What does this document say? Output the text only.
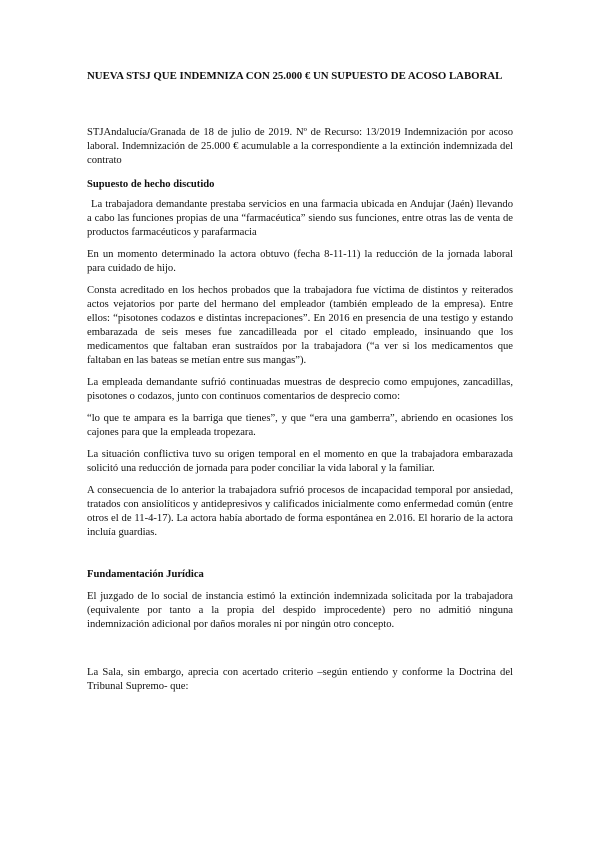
NUEVA STSJ QUE INDEMNIZA CON 25.000 € UN SUPUESTO DE ACOSO LABORAL

STJAndalucía/Granada de 18 de julio de 2019. Nº de Recurso: 13/2019 Indemnización por acoso laboral. Indemnización de 25.000 € acumulable a la correspondiente a la extinción indemnizada del contrato

Supuesto de hecho discutido

La trabajadora demandante prestaba servicios en una farmacia ubicada en Andujar (Jaén) llevando a cabo las funciones propias de una “farmacéutica” siendo sus funciones, entre otras las de venta de productos farmacéuticos y parafarmacia

En un momento determinado la actora obtuvo (fecha 8-11-11) la reducción de la jornada laboral para cuidado de hijo.

Consta acreditado en los hechos probados que la trabajadora fue víctima de distintos y reiterados actos vejatorios por parte del hermano del empleador (también empleado de la empresa). Entre ellos: “pisotones codazos e distintas increpaciones”. En 2016 en presencia de una testigo y estando embarazada de seis meses fue zancadilleada por el citado empleado, insinuando que los medicamentos que faltaban eran sustraídos por la trabajadora (“a ver si los medicamentos que faltaban en las bateas se metían entre sus mangas”).

La empleada demandante sufrió continuadas muestras de desprecio como empujones, zancadillas, pisotones o codazos, junto con continuos comentarios de desprecio como:

“lo que te ampara es la barriga que tienes”, y que “era una gamberra”, abriendo en ocasiones los cajones para que la empleada tropezara.

La situación conflictiva tuvo su origen temporal en el momento en que la trabajadora embarazada solicitó una reducción de jornada para poder conciliar la vida laboral y la familiar.

A consecuencia de lo anterior la trabajadora sufrió procesos de incapacidad temporal por ansiedad, tratados con ansiolíticos y antidepresivos y calificados inicialmente como enfermedad común (entre otros el de 11-4-17). La actora había abortado de forma espontánea en 2.016. El horario de la actora incluía guardias.

Fundamentación Jurídica

El juzgado de lo social de instancia estimó la extinción indemnizada solicitada por la trabajadora (equivalente por tanto a la propia del despido improcedente) pero no admitió ninguna indemnización adicional por daños morales ni por ningún otro concepto.

La Sala, sin embargo, aprecia con acertado criterio –según entiendo y conforme la Doctrina del Tribunal Supremo- que:
